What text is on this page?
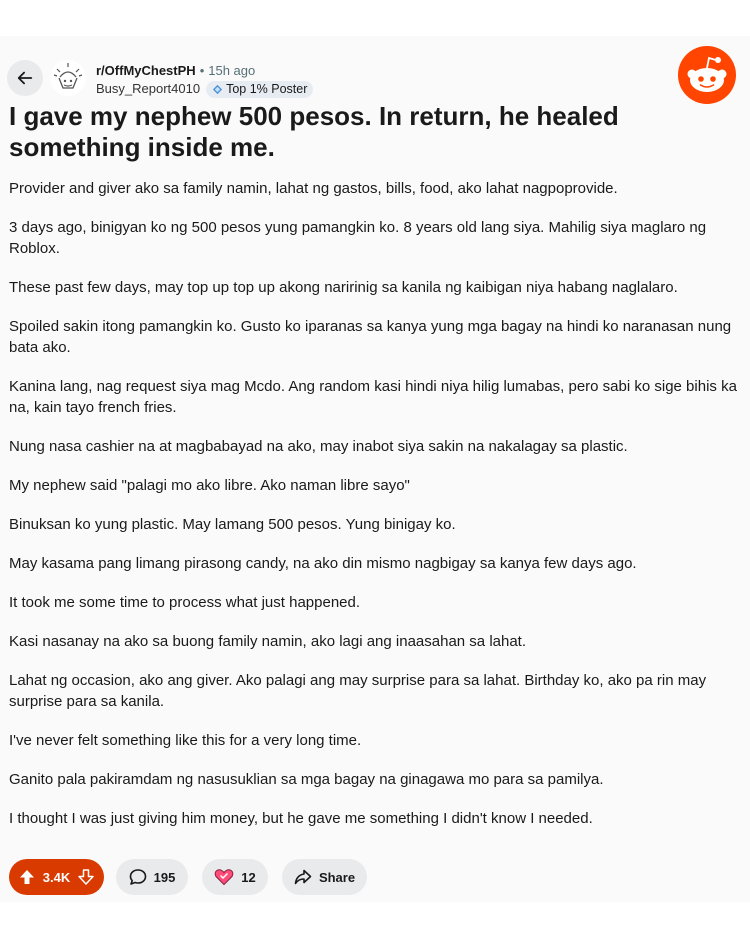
r/OffMyChestPH • 15h ago
Busy_Report4010 Top 1% Poster
I gave my nephew 500 pesos. In return, he healed something inside me.

Provider and giver ako sa family namin, lahat ng gastos, bills, food, ako lahat nagpoprovide.

3 days ago, binigyan ko ng 500 pesos yung pamangkin ko. 8 years old lang siya. Mahilig siya maglaro ng Roblox.

These past few days, may top up top up akong naririnig sa kanila ng kaibigan niya habang naglalaro.

Spoiled sakin itong pamangkin ko. Gusto ko iparanas sa kanya yung mga bagay na hindi ko naranasan nung bata ako.

Kanina lang, nag request siya mag Mcdo. Ang random kasi hindi niya hilig lumabas, pero sabi ko sige bihis ka na, kain tayo french fries.

Nung nasa cashier na at magbabayad na ako, may inabot siya sakin na nakalagay sa plastic.

My nephew said "palagi mo ako libre. Ako naman libre sayo"

Binuksan ko yung plastic. May lamang 500 pesos. Yung binigay ko.

May kasama pang limang pirasong candy, na ako din mismo nagbigay sa kanya few days ago.

It took me some time to process what just happened.

Kasi nasanay na ako sa buong family namin, ako lagi ang inaasahan sa lahat.

Lahat ng occasion, ako ang giver. Ako palagi ang may surprise para sa lahat. Birthday ko, ako pa rin may surprise para sa kanila.

I've never felt something like this for a very long time.

Ganito pala pakiramdam ng nasusuklian sa mga bagay na ginagawa mo para sa pamilya.

I thought I was just giving him money, but he gave me something I didn't know I needed.

3.4K	195	12	Share
